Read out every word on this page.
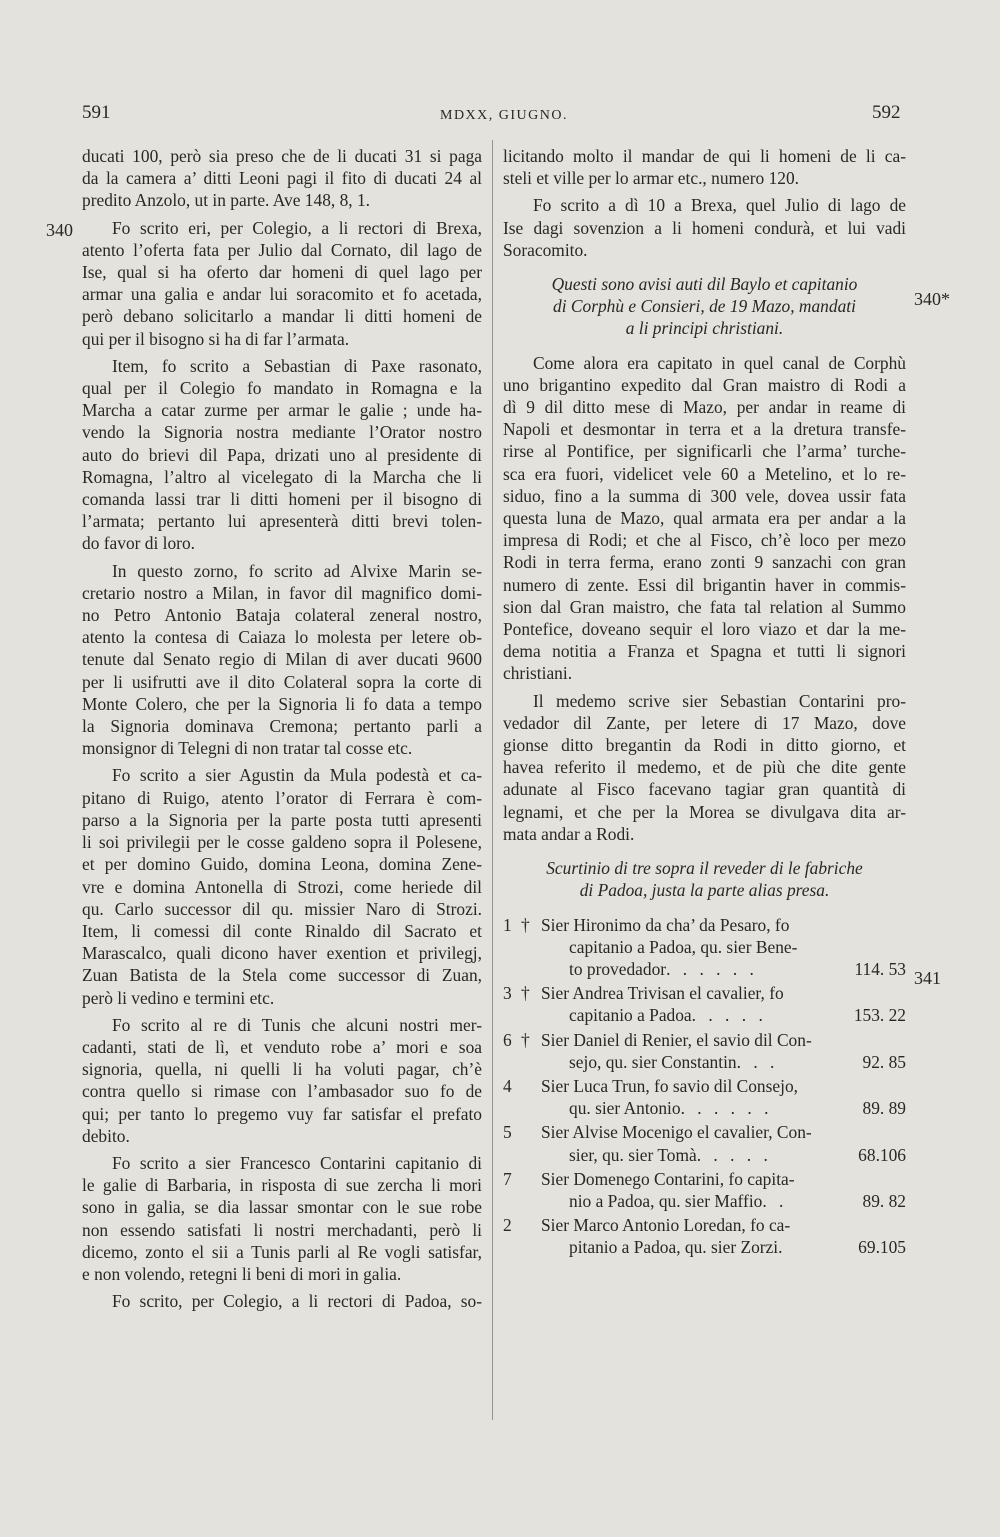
591	MDXX, GIUGNO.	592
340
340*
341

ducati 100, però sia preso che de li ducati 31 si paga
da la camera a’ ditti Leoni pagi il fito di ducati 24 al
predito Anzolo, ut in parte. Ave 148, 8, 1.

Fo scrito eri, per Colegio, a li rectori di Brexa,
atento l’oferta fata per Julio dal Cornato, dil lago de
Ise, qual si ha oferto dar homeni di quel lago per
armar una galia e andar lui soracomito et fo acetada,
però debano solicitarlo a mandar li ditti homeni de
qui per il bisogno si ha di far l’armata.

Item, fo scrito a Sebastian di Paxe rasonato,
qual per il Colegio fo mandato in Romagna e la
Marcha a catar zurme per armar le galie ; unde ha-
vendo la Signoria nostra mediante l’Orator nostro
auto do brievi dil Papa, drizati uno al presidente di
Romagna, l’altro al vicelegato di la Marcha che li
comanda lassi trar li ditti homeni per il bisogno di
l’armata; pertanto lui apresenterà ditti brevi tolen-
do favor di loro.

In questo zorno, fo scrito ad Alvixe Marin se-
cretario nostro a Milan, in favor dil magnifico domi-
no Petro Antonio Bataja colateral zeneral nostro,
atento la contesa di Caiaza lo molesta per letere ob-
tenute dal Senato regio di Milan di aver ducati 9600
per li usifrutti ave il dito Colateral sopra la corte di
Monte Colero, che per la Signoria li fo data a tempo
la Signoria dominava Cremona; pertanto parli a
monsignor di Telegni di non tratar tal cosse etc.

Fo scrito a sier Agustin da Mula podestà et ca-
pitano di Ruigo, atento l’orator di Ferrara è com-
parso a la Signoria per la parte posta tutti apresenti
li soi privilegii per le cosse galdeno sopra il Polesene,
et per domino Guido, domina Leona, domina Zene-
vre e domina Antonella di Strozi, come heriede dil
qu. Carlo successor dil qu. missier Naro di Strozi.
Item, li comessi dil conte Rinaldo dil Sacrato et
Marascalco, quali dicono haver exention et privilegj,
Zuan Batista de la Stela come successor di Zuan,
però li vedino e termini etc.

Fo scrito al re di Tunis che alcuni nostri mer-
cadanti, stati de lì, et venduto robe a’ mori e soa
signoria, quella, ni quelli li ha voluti pagar, ch’è
contra quello si rimase con l’ambasador suo fo de
qui; per tanto lo pregemo vuy far satisfar el prefato
debito.

Fo scrito a sier Francesco Contarini capitanio di
le galie di Barbaria, in risposta di sue zercha li mori
sono in galia, se dia lassar smontar con le sue robe
non essendo satisfati li nostri merchadanti, però li
dicemo, zonto el sii a Tunis parli al Re vogli satisfar,
e non volendo, retegni li beni di mori in galia.

Fo scrito, per Colegio, a li rectori di Padoa, so-

licitando molto il mandar de qui li homeni de li ca-
steli et ville per lo armar etc., numero 120.

Fo scrito a dì 10 a Brexa, quel Julio di lago de
Ise dagi sovenzion a li homeni condurà, et lui vadi
Soracomito.

Questi sono avisi auti dil Baylo et capitanio
di Corphù e Consieri, de 19 Mazo, mandati
a li principi christiani.

Come alora era capitato in quel canal de Corphù
uno brigantino expedito dal Gran maistro di Rodi a
dì 9 dil ditto mese di Mazo, per andar in reame di
Napoli et desmontar in terra et a la dretura transfe-
rirse al Pontifice, per significarli che l’arma’ turche-
sca era fuori, videlicet vele 60 a Metelino, et lo re-
siduo, fino a la summa di 300 vele, dovea ussir fata
questa luna de Mazo, qual armata era per andar a la
impresa di Rodi; et che al Fisco, ch’è loco per mezo
Rodi in terra ferma, erano zonti 9 sanzachi con gran
numero di zente. Essi dil brigantin haver in commis-
sion dal Gran maistro, che fata tal relation al Summo
Pontefice, doveano sequir el loro viazo et dar la me-
dema notitia a Franza et Spagna et tutti li signori
christiani.

Il medemo scrive sier Sebastian Contarini pro-
vedador dil Zante, per letere di 17 Mazo, dove
gionse ditto bregantin da Rodi in ditto giorno, et
havea referito il medemo, et de più che dite gente
adunate al Fisco facevano tagiar gran quantità di
legnami, et che per la Morea se divulgava dita ar-
mata andar a Rodi.

Scurtinio di tre sopra il reveder di le fabriche
di Padoa, justa la parte alias presa.
1 † Sier Hironimo da cha’ da Pesaro, fo
capitanio a Padoa, qu. sier Bene-
to provedador . . . . . .	114. 53
3 † Sier Andrea Trivisan el cavalier, fo
capitanio a Padoa . . . . .	153. 22
6 † Sier Daniel di Renier, el savio dil Con-
sejo, qu. sier Constantin . . .	92. 85
4	Sier Luca Trun, fo savio dil Consejo,
qu. sier Antonio . . . . . .	89. 89
5	Sier Alvise Mocenigo el cavalier, Con-
sier, qu. sier Tomà . . . . .	68.106
7	Sier Domenego Contarini, fo capita-
nio a Padoa, qu. sier Maffio . .	89. 82
2	Sier Marco Antonio Loredan, fo ca-
pitanio a Padoa, qu. sier Zorzi .	69.105
